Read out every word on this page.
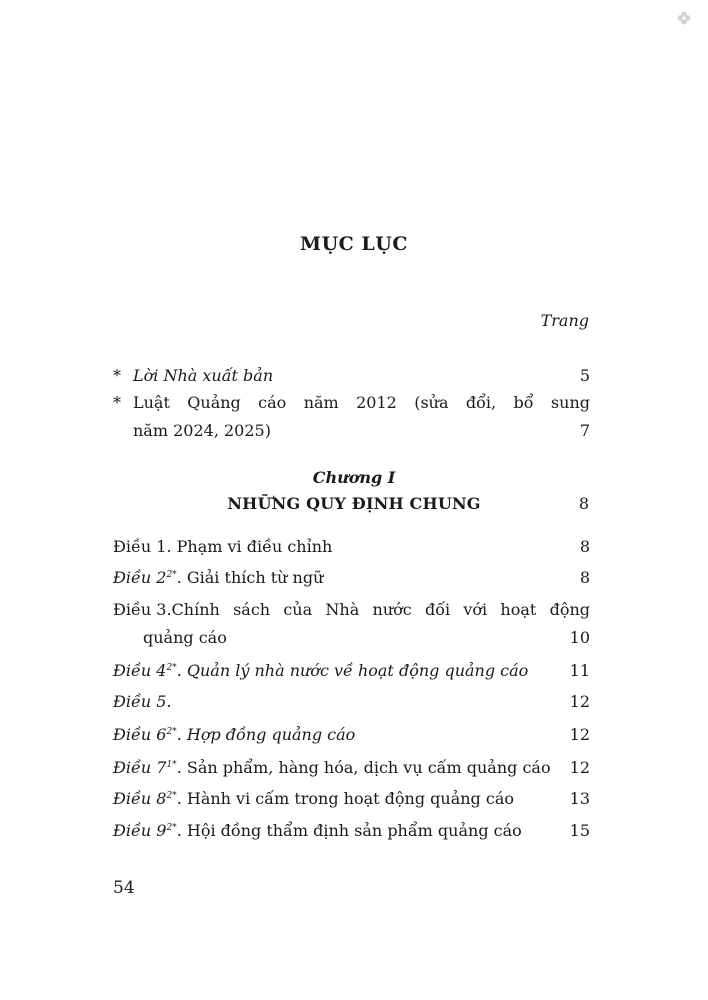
MỤC LỤC
Trang
* Lời Nhà xuất bản	5
* Luật Quảng cáo năm 2012 (sửa đổi, bổ sung
năm 2024, 2025)	7
Chương I
NHỮNG QUY ĐỊNH CHUNG	8
Điều 1. Phạm vi điều chỉnh	8
Điều 2$^{2*}$. Giải thích từ ngữ	8
Điều 3 . Chính sách của Nhà nước đối với hoạt động
quảng cáo	10
Điều 4$^{2*}$. Quản lý nhà nước về hoạt động quảng cáo	11
Điều 5.	12
Điều 6$^{2*}$. Hợp đồng quảng cáo	12
Điều 7$^{1*}$. Sản phẩm, hàng hóa, dịch vụ cấm quảng cáo	12
Điều 8$^{2*}$. Hành vi cấm trong hoạt động quảng cáo	13
Điều 9$^{2*}$. Hội đồng thẩm định sản phẩm quảng cáo	15
54
